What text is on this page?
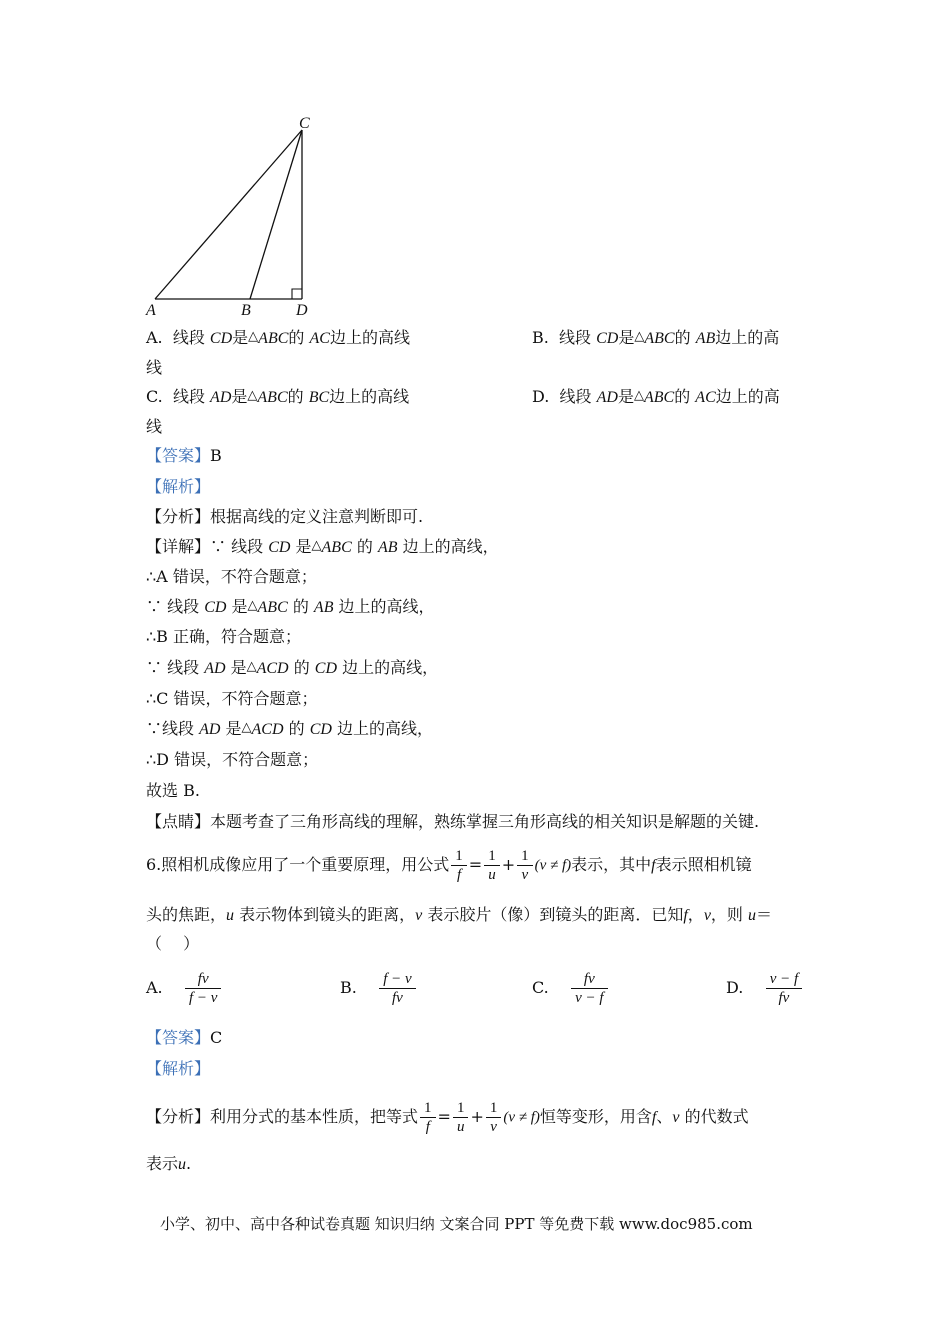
C
A	B	D
A. 线段 CD是△ABC的 AC边上的高线
线
B. 线段 CD是△ABC的 AB边上的高
C. 线段 AD是△ABC的 BC边上的高线
线
D. 线段 AD是△ABC的 AC边上的高
【答案】B
【解析】
【分析】根据高线的定义注意判断即可.
【详解】∵ 线段 CD 是△ABC 的 AB 边上的高线，
∴A 错误，不符合题意；
∵ 线段 CD 是△ABC 的 AB 边上的高线，
∴B 正确，符合题意；
∵ 线段 AD 是△ACD 的 CD 边上的高线，
∴C 错误，不符合题意；
∵线段 AD 是△ACD 的 CD 边上的高线，
∴D 错误，不符合题意；
故选 B.
【点睛】本题考查了三角形高线的理解，熟练掌握三角形高线的相关知识是解题的关键.
6.照相机成像应用了一个重要原理，用公式 $\frac{1}{f} = \frac{1}{u} + \frac{1}{v} (v \ne f)$表示，其中f表示照相机镜
头的焦距，u 表示物体到镜头的距离，v 表示胶片（像）到镜头的距离．已知f，v，则 u＝
（　 ）
A. $\frac{fv}{f - v}$	B. $\frac{f - v}{fv}$	C. $\frac{fv}{v - f}$	D. $\frac{v - f}{fv}$
【答案】C
【解析】
【分析】利用分式的基本性质，把等式 $\frac{1}{f} = \frac{1}{u} + \frac{1}{v} (v \ne f)$恒等变形，用含f、v 的代数式
表示u.
小学、初中、高中各种试卷真题 知识归纳 文案合同 PPT 等免费下载 www.doc985.com
